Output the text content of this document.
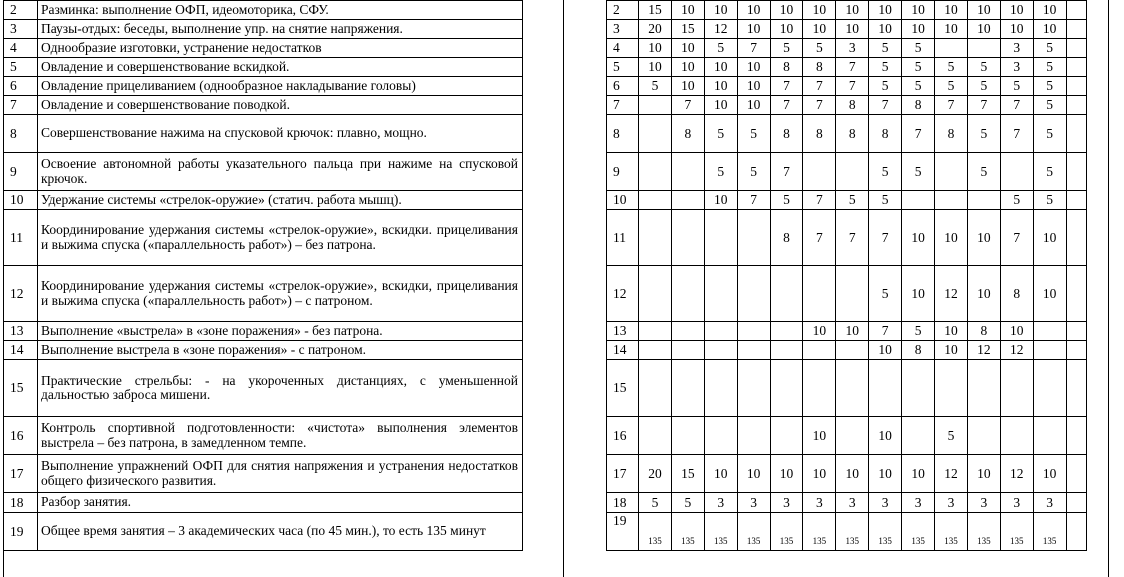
2	Разминка: выполнение ОФП, идеомоторика, СФУ.
3	Паузы-отдых: беседы, выполнение упр. на снятие напряжения.
4	Однообразие изготовки, устранение недостатков
5	Овладение и совершенствование вскидкой.
6	Овладение прицеливанием (однообразное накладывание головы)
7	Овладение и совершенствование поводкой.
8	Совершенствование нажима на спусковой крючок: плавно, мощно.
9	Освоение автономной работы указательного пальца при нажиме на спусковой крючок.
10	Удержание системы «стрелок-оружие» (статич. работа мышц).
11	Координирование удержания системы «стрелок-оружие», вскидки. прицеливания и выжима спуска («параллельность работ») – без патрона.
12	Координирование удержания системы «стрелок-оружие», вскидки, прицеливания и выжима спуска («параллельность работ») – с патроном.
13	Выполнение «выстрела» в «зоне поражения» - без патрона.
14	Выполнение выстрела в «зоне поражения» - с патроном.
15	Практические стрельбы: - на укороченных дистанциях, с уменьшенной дальностью заброса мишени.
16	Контроль спортивной подготовленности: «чистота» выполнения элементов выстрела – без патрона, в замедленном темпе.
17	Выполнение упражнений ОФП для снятия напряжения и устранения недостатков общего физического развития.
18	Разбор занятия.
19	Общее время занятия – 3 академических часа (по 45 мин.), то есть 135 минут
2	15	10	10	10	10	10	10	10	10	10	10	10	10	
3	20	15	12	10	10	10	10	10	10	10	10	10	10	
4	10	10	5	7	5	5	3	5	5			3	5	
5	10	10	10	10	8	8	7	5	5	5	5	3	5	
6	5	10	10	10	7	7	7	5	5	5	5	5	5	
7		7	10	10	7	7	8	7	8	7	7	7	5	
8		8	5	5	8	8	8	8	7	8	5	7	5	
9			5	5	7			5	5		5		5	
10			10	7	5	7	5	5				5	5	
11					8	7	7	7	10	10	10	7	10	
12								5	10	12	10	8	10	
13						10	10	7	5	10	8	10		
14								10	8	10	12	12		
15														
16						10		10		5				
17	20	15	10	10	10	10	10	10	10	12	10	12	10	
18	5	5	3	3	3	3	3	3	3	3	3	3	3	
19	135	135	135	135	135	135	135	135	135	135	135	135	135	
